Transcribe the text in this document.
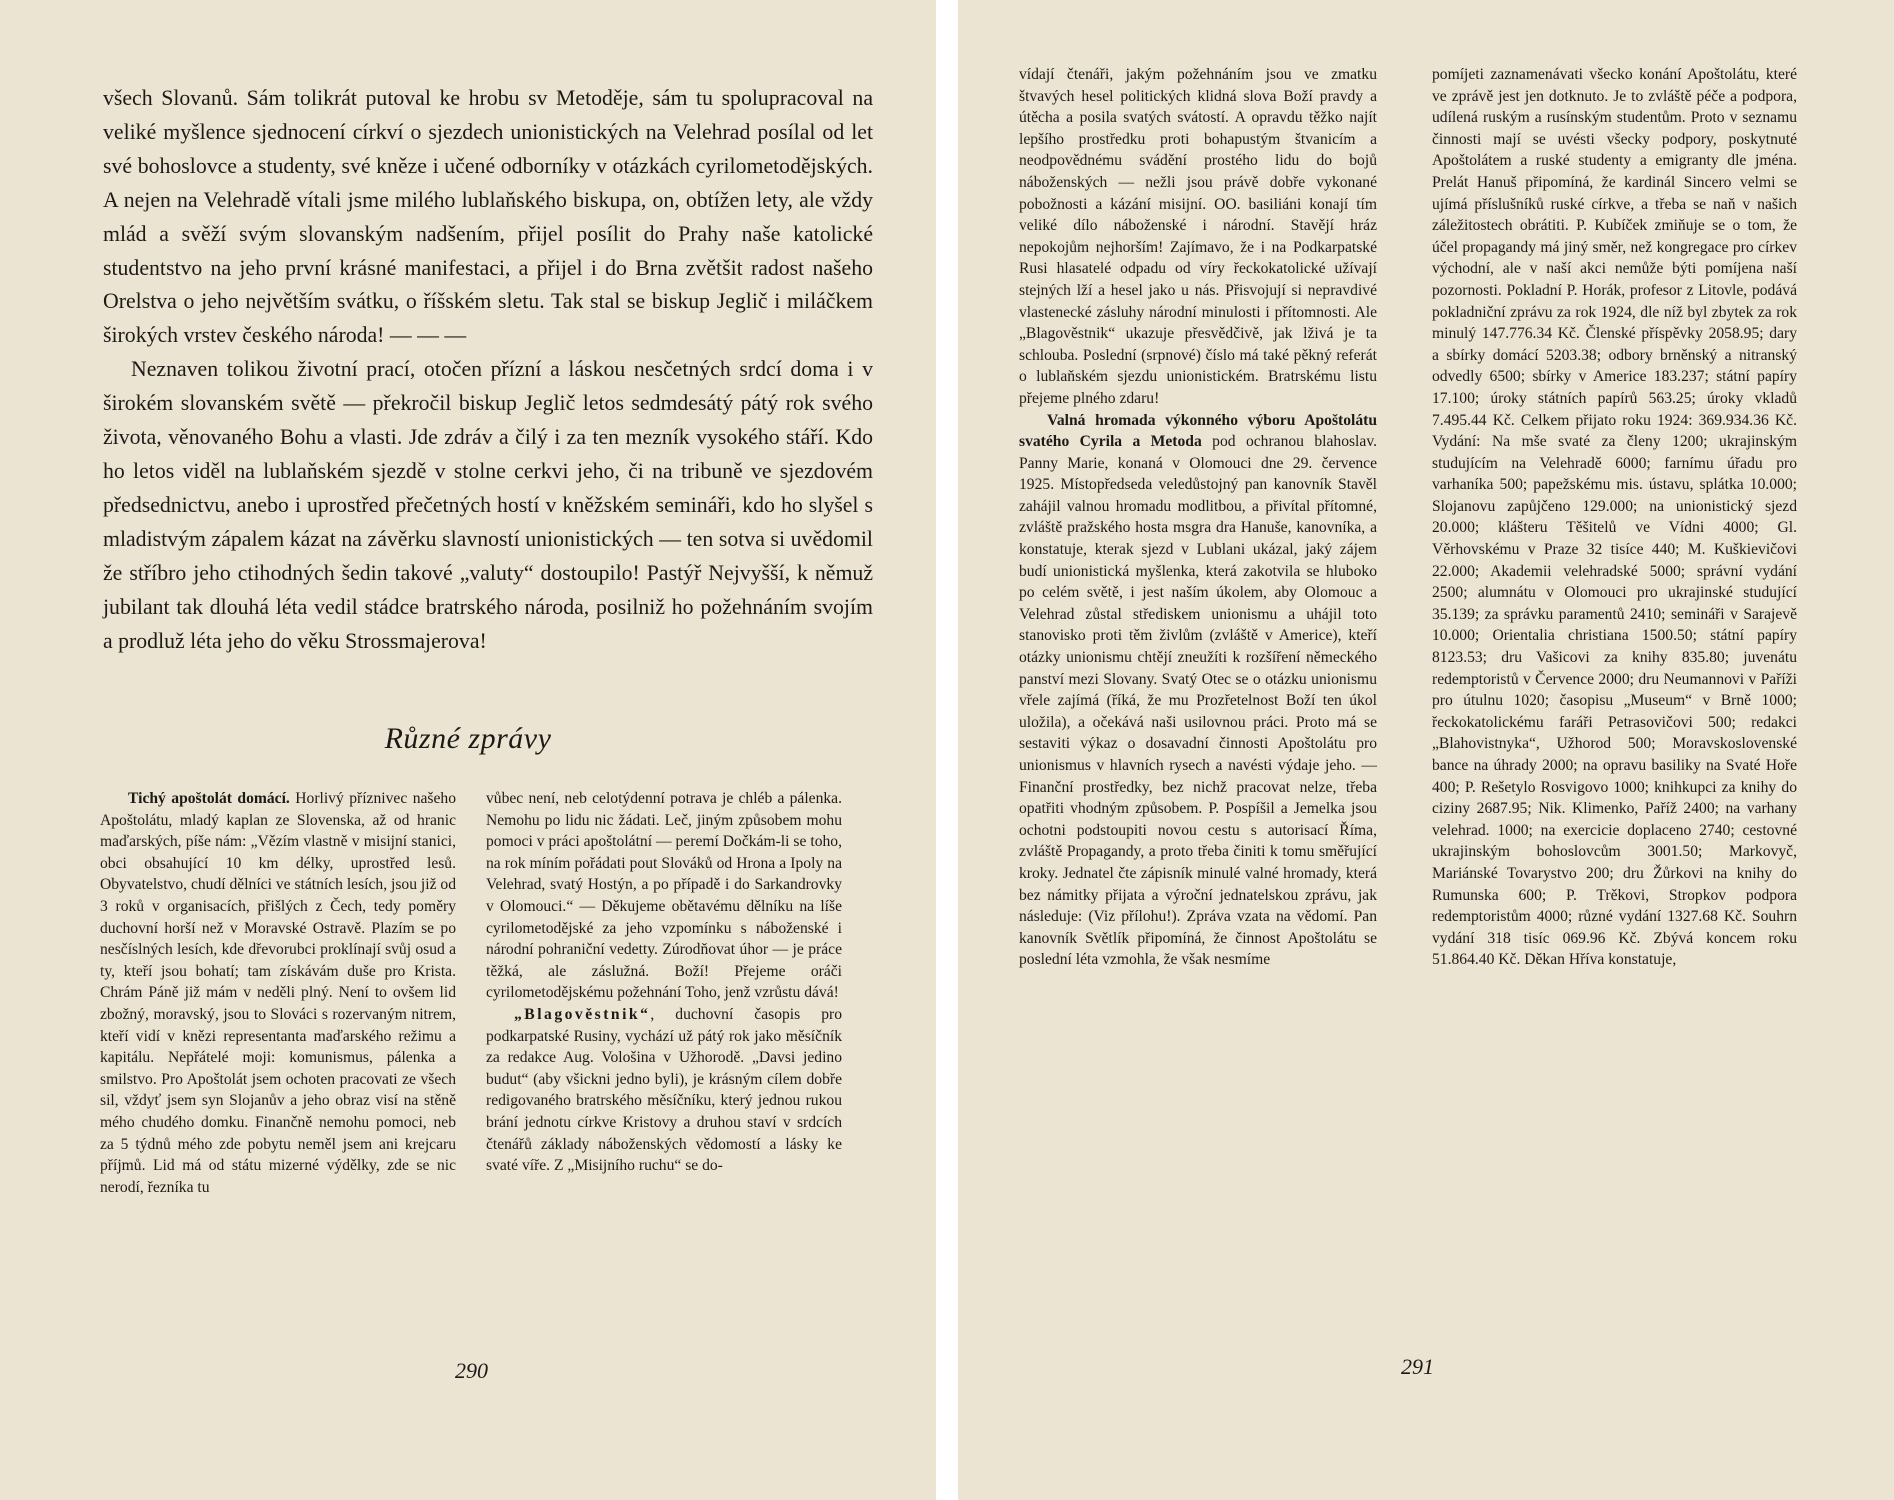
všech Slovanů. Sám tolikrát putoval ke hrobu sv Metoděje, sám tu spolupracoval na veliké myšlence sjednocení církví o sjezdech unionistických na Velehrad posílal od let své bohoslovce a studenty, své kněze i učené odborníky v otázkách cyrilometodějských. A nejen na Velehradě vítali jsme milého lublaňského biskupa, on, obtížen lety, ale vždy mlád a svěží svým slovanským nadšením, přijel posílit do Prahy naše katolické studentstvo na jeho první krásné manifestaci, a přijel i do Brna zvětšit radost našeho Orelstva o jeho největším svátku, o říšském sletu. Tak stal se biskup Jeglič i miláčkem širokých vrstev českého národa! — — —

Neznaven tolikou životní prací, otočen přízní a láskou nesčetných srdcí doma i v širokém slovanském světě — překročil biskup Jeglič letos sedmdesátý pátý rok svého života, věnovaného Bohu a vlasti. Jde zdráv a čilý i za ten mezník vysokého stáří. Kdo ho letos viděl na lublaňském sjezdě v stolne cerkvi jeho, či na tribuně ve sjezdovém předsednictvu, anebo i uprostřed přečetných hostí v kněžském semináři, kdo ho slyšel s mladistvým zápalem kázat na závěrku slavností unionistických — ten sotva si uvědomil že stříbro jeho ctihodných šedin takové „valuty“ dostoupilo! Pastýř Nejvyšší, k němuž jubilant tak dlouhá léta vedil stádce bratrského národa, posilniž ho požehnáním svojím a prodluž léta jeho do věku Strossmajerova!

Různé zprávy

Tichý apoštolát domácí. Horlivý příznivec našeho Apoštolátu, mladý kaplan ze Slovenska, až od hranic maďarských, píše nám: „Vězím vlastně v misijní stanici, obci obsahující 10 km délky, uprostřed lesů. Obyvatelstvo, chudí dělníci ve státních lesích, jsou již od 3 roků v organisacích, přišlých z Čech, tedy poměry duchovní horší než v Moravské Ostravě. Plazím se po nesčíslných lesích, kde dřevorubci proklínají svůj osud a ty, kteří jsou bohatí; tam získávám duše pro Krista. Chrám Páně již mám v neděli plný. Není to ovšem lid zbožný, moravský, jsou to Slováci s rozervaným nitrem, kteří vidí v knězi representanta maďarského režimu a kapitálu. Nepřátelé moji: komunismus, pálenka a smilstvo. Pro Apoštolát jsem ochoten pracovati ze všech sil, vždyť jsem syn Slojanův a jeho obraz visí na stěně mého chudého domku. Finančně nemohu pomoci, neb za 5 týdnů mého zde pobytu neměl jsem ani krejcaru příjmů. Lid má od státu mizerné výdělky, zde se nic nerodí, řezníka tu

vůbec není, neb celotýdenní potrava je chléb a pálenka. Nemohu po lidu nic žádati. Leč, jiným způsobem mohu pomoci v práci apoštolátní — peremí Dočkám-li se toho, na rok míním pořádati pout Slováků od Hrona a Ipoly na Velehrad, svatý Hostýn, a po případě i do Sarkandrovky v Olomouci.“ — Děkujeme obětavému dělníku na líše cyrilometodějské za jeho vzpomínku s náboženské i národní pohraniční vedetty. Zúrodňovat úhor — je práce těžká, ale záslužná. Boží! Přejeme oráči cyrilometodějskému požehnání Toho, jenž vzrůstu dává!

„Blagověstnik“, duchovní časopis pro podkarpatské Rusiny, vychází už pátý rok jako měsíčník za redakce Aug. Vološina v Užhorodě. „Davsi jedino budut“ (aby všickni jedno byli), je krásným cílem dobře redigovaného bratrského měsíčníku, který jednou rukou brání jednotu církve Kristovy a druhou staví v srdcích čtenářů základy náboženských vědomostí a lásky ke svaté víře. Z „Misijního ruchu“ se do-

290

vídají čtenáři, jakým požehnáním jsou ve zmatku štvavých hesel politických klidná slova Boží pravdy a útěcha a posila svatých svátostí. A opravdu těžko najít lepšího prostředku proti bohapustým štvanicím a neodpovědnému svádění prostého lidu do bojů náboženských — nežli jsou právě dobře vykonané pobožnosti a kázání misijní. OO. basiliáni konají tím veliké dílo náboženské i národní. Stavějí hráz nepokojům nejhorším! Zajímavo, že i na Podkarpatské Rusi hlasatelé odpadu od víry řeckokatolické užívají stejných lží a hesel jako u nás. Přisvojují si nepravdivé vlastenecké zásluhy národní minulosti i přítomnosti. Ale „Blagověstnik“ ukazuje přesvědčivě, jak lživá je ta schlouba. Poslední (srpnové) číslo má také pěkný referát o lublaňském sjezdu unionistickém. Bratrskému listu přejeme plného zdaru!

Valná hromada výkonného výboru Apoštolátu svatého Cyrila a Metoda pod ochranou blahoslav. Panny Marie, konaná v Olomouci dne 29. července 1925. Místopředseda veledůstojný pan kanovník Stavěl zahájil valnou hromadu modlitbou, a přivítal přítomné, zvláště pražského hosta msgra dra Hanuše, kanovníka, a konstatuje, kterak sjezd v Lublani ukázal, jaký zájem budí unionistická myšlenka, která zakotvila se hluboko po celém světě, i jest naším úkolem, aby Olomouc a Velehrad zůstal střediskem unionismu a uhájil toto stanovisko proti těm živlům (zvláště v Americe), kteří otázky unionismu chtějí zneužíti k rozšíření německého panství mezi Slovany. Svatý Otec se o otázku unionismu vřele zajímá (říká, že mu Prozřetelnost Boží ten úkol uložila), a očekává naši usilovnou práci. Proto má se sestaviti výkaz o dosavadní činnosti Apoštolátu pro unionismus v hlavních rysech a navésti výdaje jeho. — Finanční prostředky, bez nichž pracovat nelze, třeba opatřiti vhodným způsobem. P. Pospíšil a Jemelka jsou ochotni podstoupiti novou cestu s autorisací Říma, zvláště Propagandy, a proto třeba činiti k tomu směřující kroky. Jednatel čte zápisník minulé valné hromady, která bez námitky přijata a výroční jednatelskou zprávu, jak následuje: (Viz přílohu!). Zpráva vzata na vědomí. Pan kanovník Světlík připomíná, že činnost Apoštolátu se poslední léta vzmohla, že však nesmíme

pomíjeti zaznamenávati všecko konání Apoštolátu, které ve zprávě jest jen dotknuto. Je to zvláště péče a podpora, udílená ruským a rusínským studentům. Proto v seznamu činnosti mají se uvésti všecky podpory, poskytnuté Apoštolátem a ruské studenty a emigranty dle jména. Prelát Hanuš připomíná, že kardinál Sincero velmi se ujímá příslušníků ruské církve, a třeba se naň v našich záležitostech obrátiti. P. Kubíček zmiňuje se o tom, že účel propagandy má jiný směr, než kongregace pro církev východní, ale v naší akci nemůže býti pomíjena naší pozornosti. Pokladní P. Horák, profesor z Litovle, podává pokladniční zprávu za rok 1924, dle níž byl zbytek za rok minulý 147.776.34 Kč. Členské příspěvky 2058.95; dary a sbírky domácí 5203.38; odbory brněnský a nitranský odvedly 6500; sbírky v Americe 183.237; státní papíry 17.100; úroky státních papírů 563.25; úroky vkladů 7.495.44 Kč. Celkem přijato roku 1924: 369.934.36 Kč. Vydání: Na mše svaté za členy 1200; ukrajinským studujícím na Velehradě 6000; farnímu úřadu pro varhaníka 500; papežskému mis. ústavu, splátka 10.000; Slojanovu zapůjčeno 129.000; na unionistický sjezd 20.000; klášteru Těšitelů ve Vídni 4000; Gl. Věrhovskému v Praze 32 tisíce 440; M. Kuškievičovi 22.000; Akademii velehradské 5000; správní vydání 2500; alumnátu v Olomouci pro ukrajinské studující 35.139; za správku paramentů 2410; semináři v Sarajevě 10.000; Orientalia christiana 1500.50; státní papíry 8123.53; dru Vašicovi za knihy 835.80; juvenátu redemptoristů v Července 2000; dru Neumannovi v Paříži pro útulnu 1020; časopisu „Museum“ v Brně 1000; řeckokatolickému faráři Petrasovičovi 500; redakci „Blahovistnyka“, Užhorod 500; Moravskoslovenské bance na úhrady 2000; na opravu basiliky na Svaté Hoře 400; P. Rešetylo Rosvigovo 1000; knihkupci za knihy do ciziny 2687.95; Nik. Klimenko, Paříž 2400; na varhany velehrad. 1000; na exercicie doplaceno 2740; cestovné ukrajinským bohoslovcům 3001.50; Markovyč, Mariánské Tovarystvo 200; dru Žůrkovi na knihy do Rumunska 600; P. Trěkovi, Stropkov podpora redemptoristům 4000; různé vydání 1327.68 Kč. Souhrn vydání 318 tisíc 069.96 Kč. Zbývá koncem roku 51.864.40 Kč. Děkan Hříva konstatuje,

291
